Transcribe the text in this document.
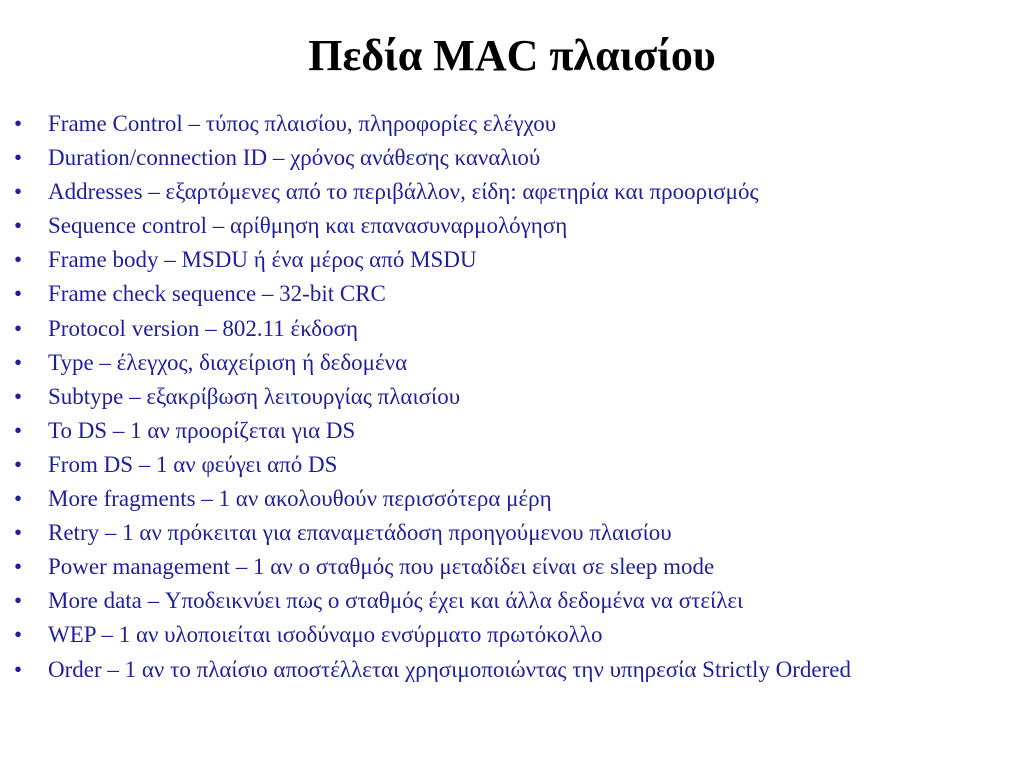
Πεδία MAC πλαισίου
• Frame Control – τύπος πλαισίου, πληροφορίες ελέγχου
• Duration/connection ID – χρόνος ανάθεσης καναλιού
• Addresses – εξαρτόμενες από το περιβάλλον, είδη: αφετηρία και προορισμός
• Sequence control – αρίθμηση και επανασυναρμολόγηση
• Frame body – MSDU ή ένα μέρος από MSDU
• Frame check sequence – 32-bit CRC
• Protocol version – 802.11 έκδοση
• Type – έλεγχος, διαχείριση ή δεδομένα
• Subtype – εξακρίβωση λειτουργίας πλαισίου
• To DS – 1 αν προορίζεται για DS
• From DS – 1 αν φεύγει από DS
• More fragments – 1 αν ακολουθούν περισσότερα μέρη
• Retry – 1 αν πρόκειται για επαναμετάδοση προηγούμενου πλαισίου
• Power management – 1 αν ο σταθμός που μεταδίδει είναι σε sleep mode
• More data – Υποδεικνύει πως ο σταθμός έχει και άλλα δεδομένα να στείλει
• WEP – 1 αν υλοποιείται ισοδύναμο ενσύρματο πρωτόκολλο
• Order – 1 αν το πλαίσιο αποστέλλεται χρησιμοποιώντας την υπηρεσία Strictly Ordered
